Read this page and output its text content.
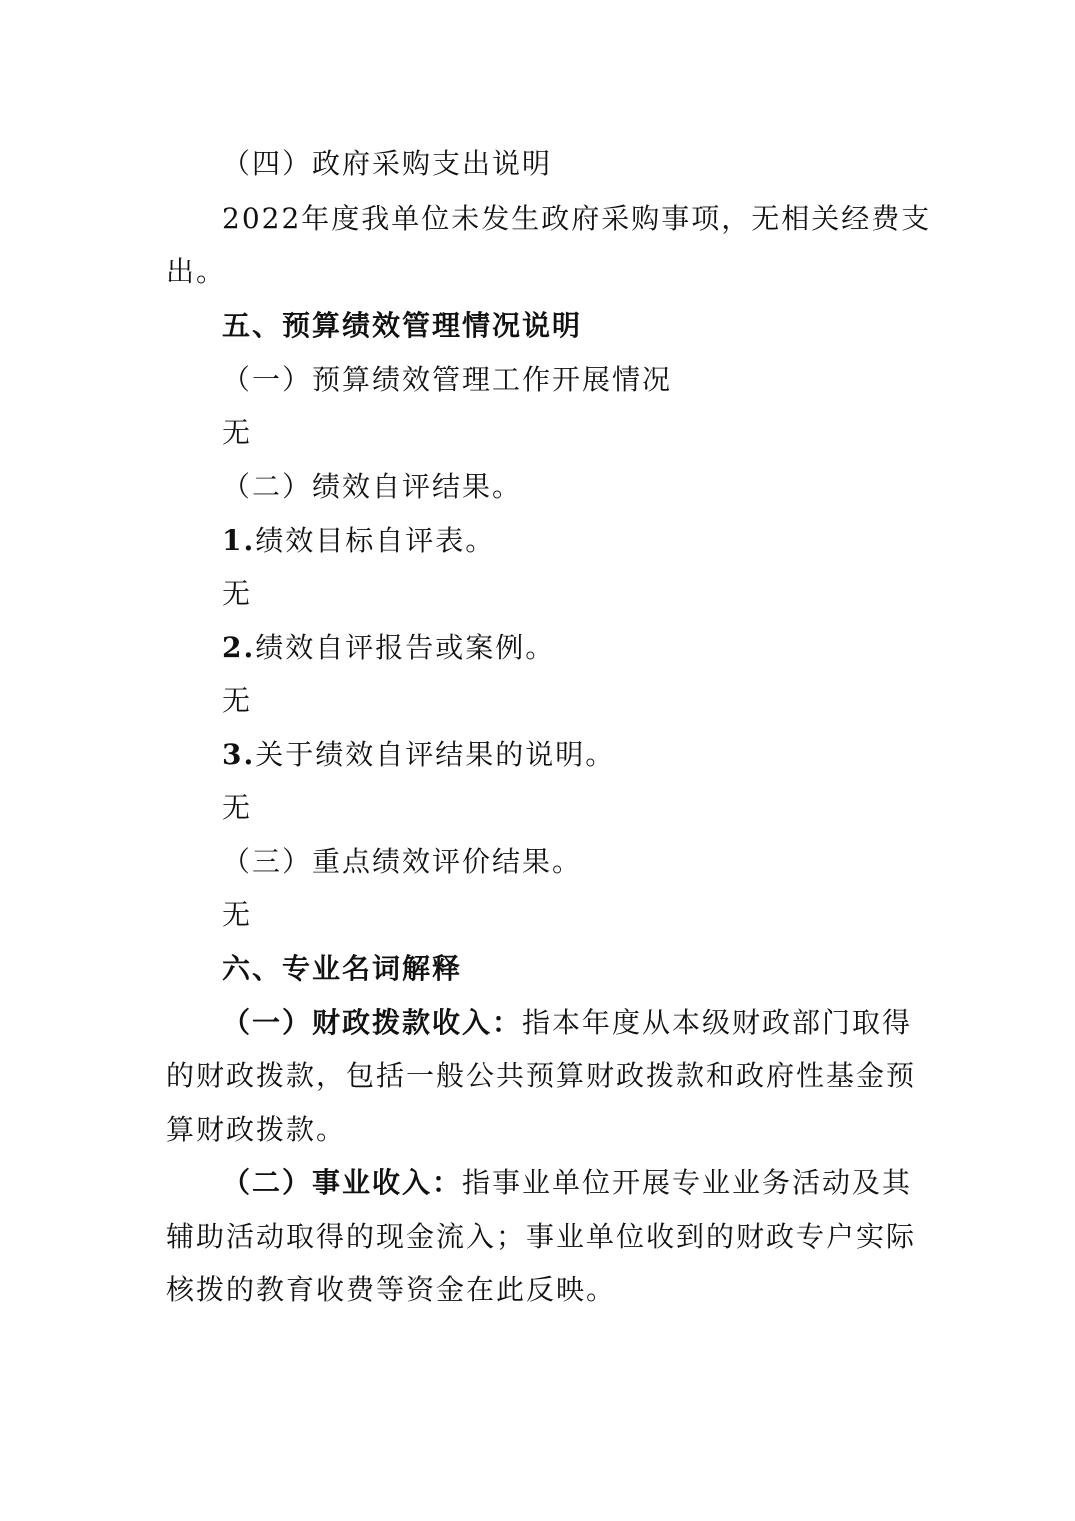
（四）政府采购支出说明
2022年度我单位未发生政府采购事项，无相关经费支
出。
五、预算绩效管理情况说明
（一）预算绩效管理工作开展情况
无
（二）绩效自评结果。
1.绩效目标自评表。
无
2.绩效自评报告或案例。
无
3.关于绩效自评结果的说明。
无
（三）重点绩效评价结果。
无
六、专业名词解释
（一）财政拨款收入：指本年度从本级财政部门取得
的财政拨款，包括一般公共预算财政拨款和政府性基金预
算财政拨款。
（二）事业收入：指事业单位开展专业业务活动及其
辅助活动取得的现金流入；事业单位收到的财政专户实际
核拨的教育收费等资金在此反映。
